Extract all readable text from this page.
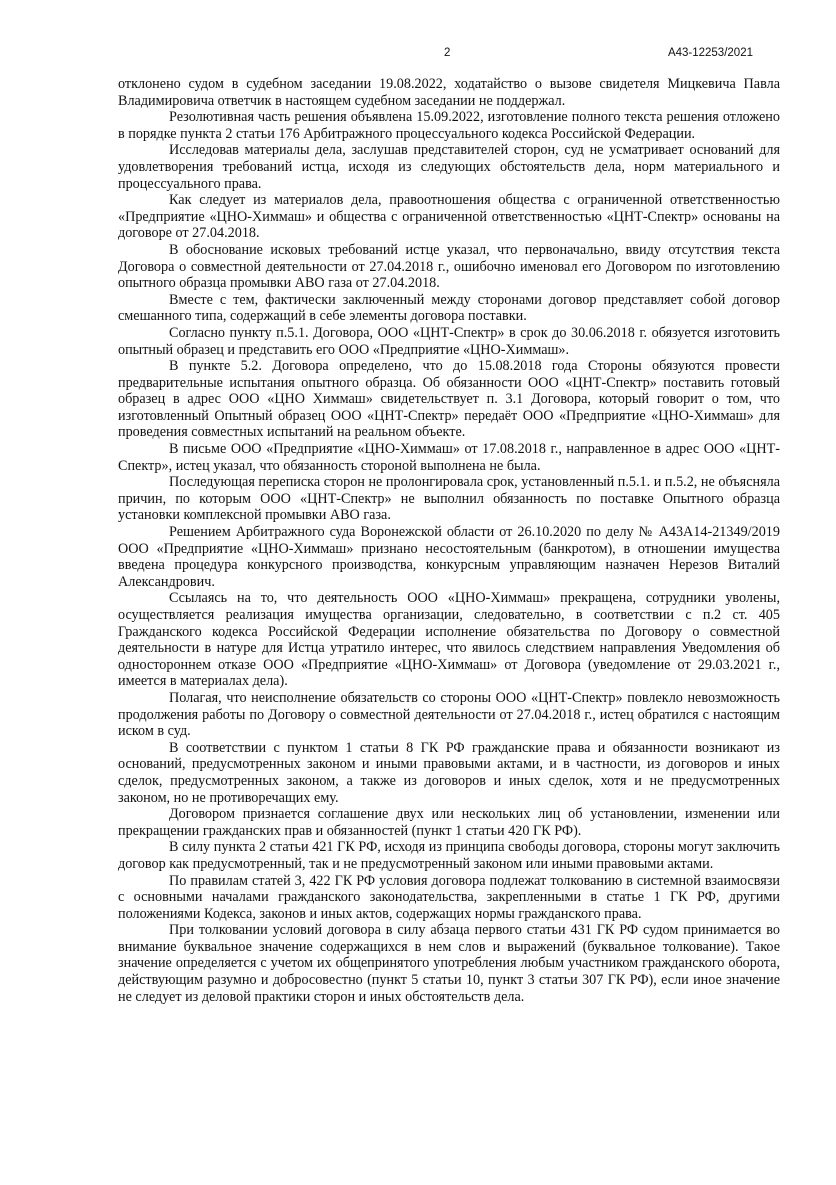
2	А43-12253/2021

отклонено судом в судебном заседании 19.08.2022, ходатайство о вызове свидетеля Мицкевича Павла Владимировича ответчик в настоящем судебном заседании не поддержал.

Резолютивная часть решения объявлена 15.09.2022, изготовление полного текста решения отложено в порядке пункта 2 статьи 176 Арбитражного процессуального кодекса Российской Федерации.

Исследовав материалы дела, заслушав представителей сторон, суд не усматривает оснований для удовлетворения требований истца, исходя из следующих обстоятельств дела, норм материального и процессуального права.

Как следует из материалов дела, правоотношения общества с ограниченной ответственностью «Предприятие «ЦНО-Химмаш» и общества с ограниченной ответственностью «ЦНТ-Спектр» основаны на договоре от 27.04.2018.

В обоснование исковых требований истце указал, что первоначально, ввиду отсутствия текста Договора о совместной деятельности от 27.04.2018 г., ошибочно именовал его Договором по изготовлению опытного образца промывки АВО газа от 27.04.2018.

Вместе с тем, фактически заключенный между сторонами договор представляет собой договор смешанного типа, содержащий в себе элементы договора поставки.

Согласно пункту п.5.1. Договора, ООО «ЦНТ-Спектр» в срок до 30.06.2018 г. обязуется изготовить опытный образец и представить его ООО «Предприятие «ЦНО-Химмаш».

В пункте 5.2. Договора определено, что до 15.08.2018 года Стороны обязуются провести предварительные испытания опытного образца. Об обязанности ООО «ЦНТ-Спектр» поставить готовый образец в адрес ООО «ЦНО Химмаш» свидетельствует п. 3.1 Договора, который говорит о том, что изготовленный Опытный образец ООО «ЦНТ-Спектр» передаёт ООО «Предприятие «ЦНО-Химмаш» для проведения совместных испытаний на реальном объекте.

В письме ООО «Предприятие «ЦНО-Химмаш» от 17.08.2018 г., направленное в адрес ООО «ЦНТ-Спектр», истец указал, что обязанность стороной выполнена не была.

Последующая переписка сторон не пролонгировала срок, установленный п.5.1. и п.5.2, не объясняла причин, по которым ООО «ЦНТ-Спектр» не выполнил обязанность по поставке Опытного образца установки комплексной промывки АВО газа.

Решением Арбитражного суда Воронежской области от 26.10.2020 по делу № А43А14-21349/2019 ООО «Предприятие «ЦНО-Химмаш» признано несостоятельным (банкротом), в отношении имущества введена процедура конкурсного производства, конкурсным управляющим назначен Нерезов Виталий Александрович.

Ссылаясь на то, что деятельность ООО «ЦНО-Химмаш» прекращена, сотрудники уволены, осуществляется реализация имущества организации, следовательно, в соответствии с п.2 ст. 405 Гражданского кодекса Российской Федерации исполнение обязательства по Договору о совместной деятельности в натуре для Истца утратило интерес, что явилось следствием направления Уведомления об одностороннем отказе ООО «Предприятие «ЦНО-Химмаш» от Договора (уведомление от 29.03.2021 г., имеется в материалах дела).

Полагая, что неисполнение обязательств со стороны ООО «ЦНТ-Спектр» повлекло невозможность продолжения работы по Договору о совместной деятельности от 27.04.2018 г., истец обратился с настоящим иском в суд.

В соответствии с пунктом 1 статьи 8 ГК РФ гражданские права и обязанности возникают из оснований, предусмотренных законом и иными правовыми актами, и в частности, из договоров и иных сделок, предусмотренных законом, а также из договоров и иных сделок, хотя и не предусмотренных законом, но не противоречащих ему.

Договором признается соглашение двух или нескольких лиц об установлении, изменении или прекращении гражданских прав и обязанностей (пункт 1 статьи 420 ГК РФ).

В силу пункта 2 статьи 421 ГК РФ, исходя из принципа свободы договора, стороны могут заключить договор как предусмотренный, так и не предусмотренный законом или иными правовыми актами.

По правилам статей 3, 422 ГК РФ условия договора подлежат толкованию в системной взаимосвязи с основными началами гражданского законодательства, закрепленными в статье 1 ГК РФ, другими положениями Кодекса, законов и иных актов, содержащих нормы гражданского права.

При толковании условий договора в силу абзаца первого статьи 431 ГК РФ судом принимается во внимание буквальное значение содержащихся в нем слов и выражений (буквальное толкование). Такое значение определяется с учетом их общепринятого употребления любым участником гражданского оборота, действующим разумно и добросовестно (пункт 5 статьи 10, пункт 3 статьи 307 ГК РФ), если иное значение не следует из деловой практики сторон и иных обстоятельств дела.
